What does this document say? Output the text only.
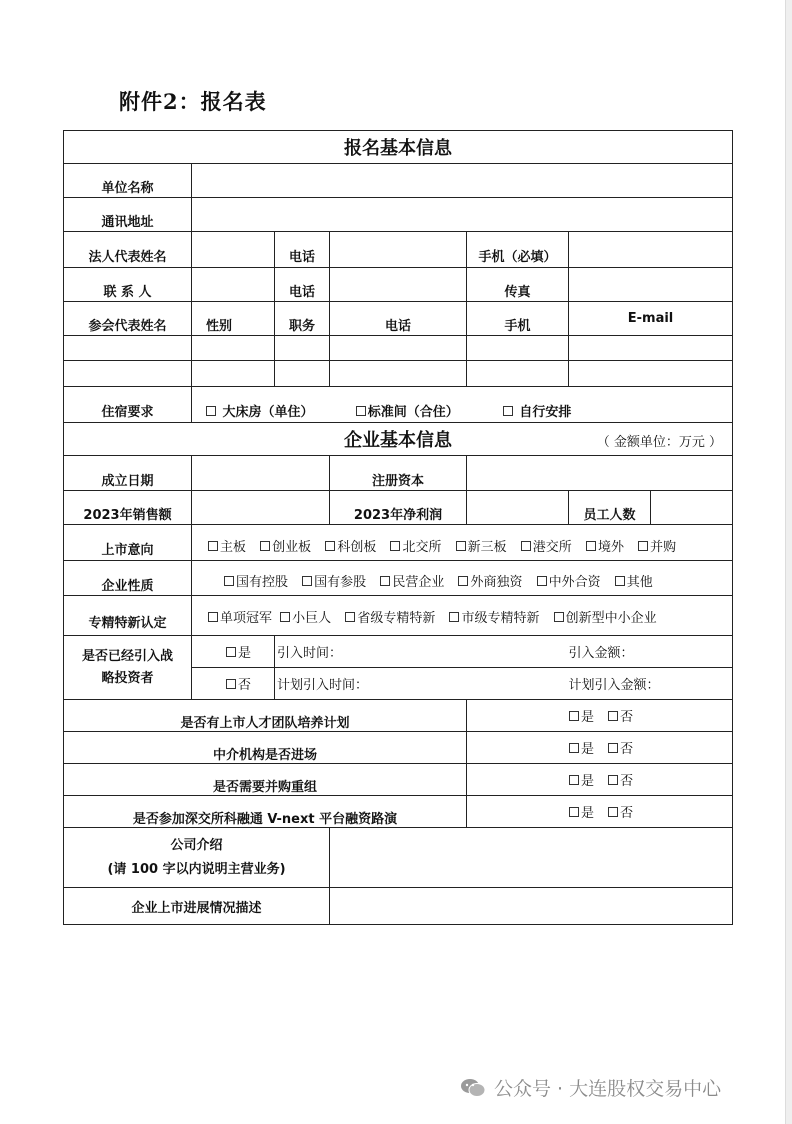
附件2：报名表
报名基本信息						
单位名称						
通讯地址						
法人代表姓名		电话		手机（必填）		
联 系 人		电话		传真		
参会代表姓名	性别	职务	电话	手机	E-mail	

住宿要求	大床房（单住） 标准间（合住） 自行安排					
企业基本信息 （ 金额单位：万元 ）						

成立日期			注册资本			
2023年销售额			2023年净利润		员工人数	
上市意向	主板 创业板 科创板 北交所 新三板 港交所 境外 并购					
企业性质	国有控股 国有参股 民营企业 外商独资 中外合资 其他					
专精特新认定	单项冠军 小巨人 省级专精特新 市级专精特新 创新型中小企业					

是否已经引入战
略投资者	是	引入时间：			引入金额：	
	否	计划引入时间：			计划引入金额：	
是否有上市人才团队培养计划				是 否		
中介机构是否进场				是 否		
是否需要并购重组				是 否		
是否参加深交所科融通 V-next 平台融资路演				是 否		

公司介绍
(请 100 字以内说明主营业务)						

企业上市进展情况描述						
公众号 · 大连股权交易中心
